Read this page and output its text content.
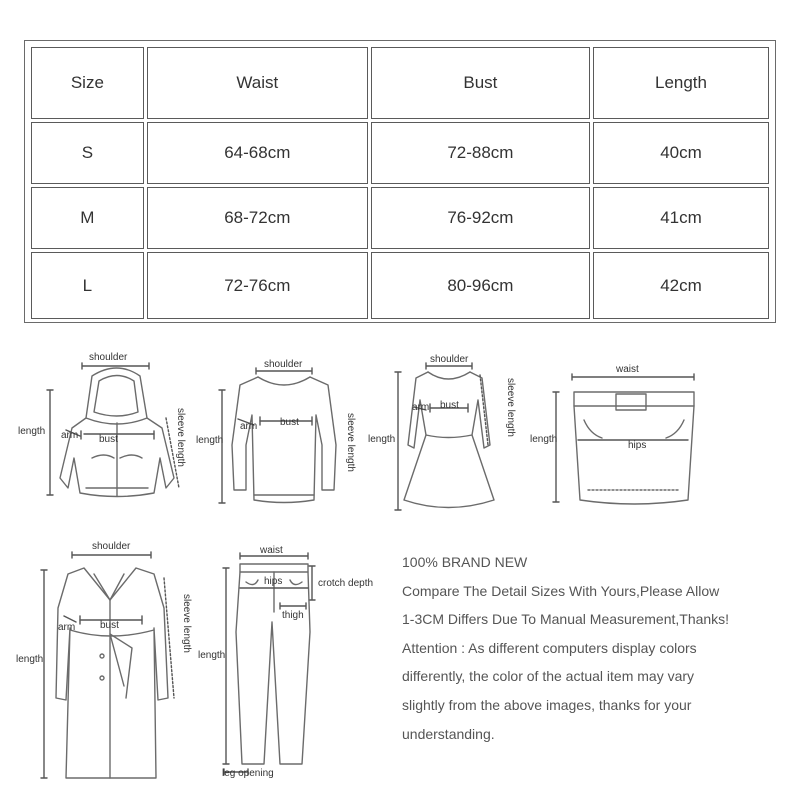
Size	Waist	Bust	Length
S	64-68cm	72-88cm	40cm
M	68-72cm	76-92cm	41cm
L	72-76cm	80-96cm	42cm
shoulder
length arm bust	sleeve length
shoulder
length
arm bust	sleeve length
shoulder
length
arm bust	sleeve length
waist
length
hips
shoulder
length
arm bust	sleeve length
waist
hips	crotch depth
thigh
length
leg opening
100% BRAND NEW
Compare The Detail Sizes With Yours,Please Allow
1-3CM Differs Due To Manual Measurement,Thanks!
Attention : As different computers display colors
differently, the color of the actual item may vary
slightly from the above images, thanks for your
understanding.
